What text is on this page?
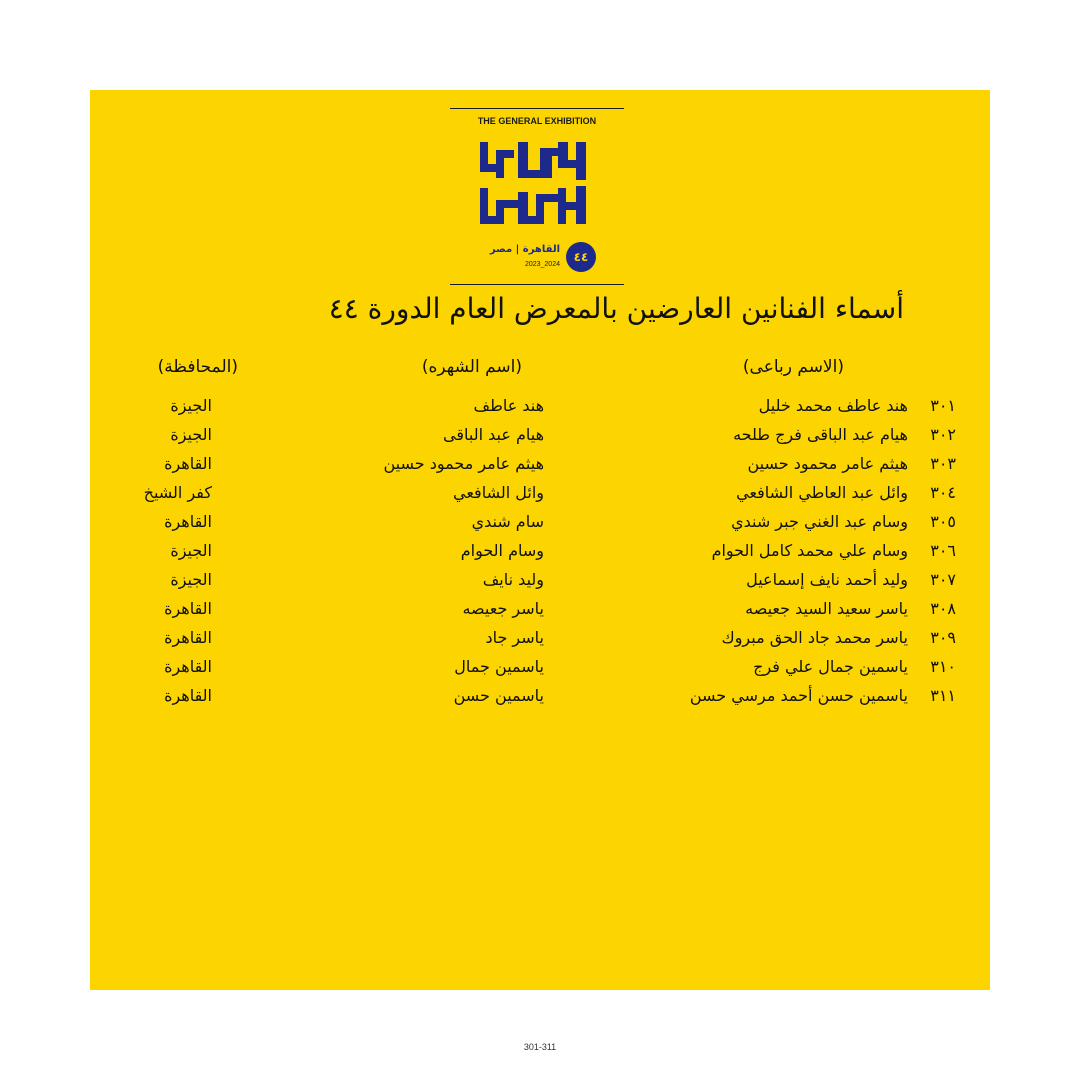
THE GENERAL EXHIBITION
٤٤
القاهرة | مصر
2023_2024
أسماء الفنانين العارضين بالمعرض العام الدورة ٤٤
(الاسم رباعى)
(اسم الشهره)
(المحافظة)
٣٠١
هند عاطف محمد خليل
هند عاطف
الجيزة
٣٠٢
هيام عبد الباقى فرج طلحه
هيام عبد الباقى
الجيزة
٣٠٣
هيثم عامر محمود حسين
هيثم عامر محمود حسين
القاهرة
٣٠٤
وائل عبد العاطي الشافعي
وائل الشافعي
كفر الشيخ
٣٠٥
وسام عبد الغني جبر شندي
سام شندي
القاهرة
٣٠٦
وسام علي محمد كامل الحوام
وسام الحوام
الجيزة
٣٠٧
وليد أحمد نايف إسماعيل
وليد نايف
الجيزة
٣٠٨
ياسر سعيد السيد جعيصه
ياسر جعيصه
القاهرة
٣٠٩
ياسر محمد جاد الحق مبروك
ياسر جاد
القاهرة
٣١٠
ياسمين جمال علي فرج
ياسمين جمال
القاهرة
٣١١
ياسمين حسن أحمد مرسي حسن
ياسمين حسن
القاهرة
301-311
